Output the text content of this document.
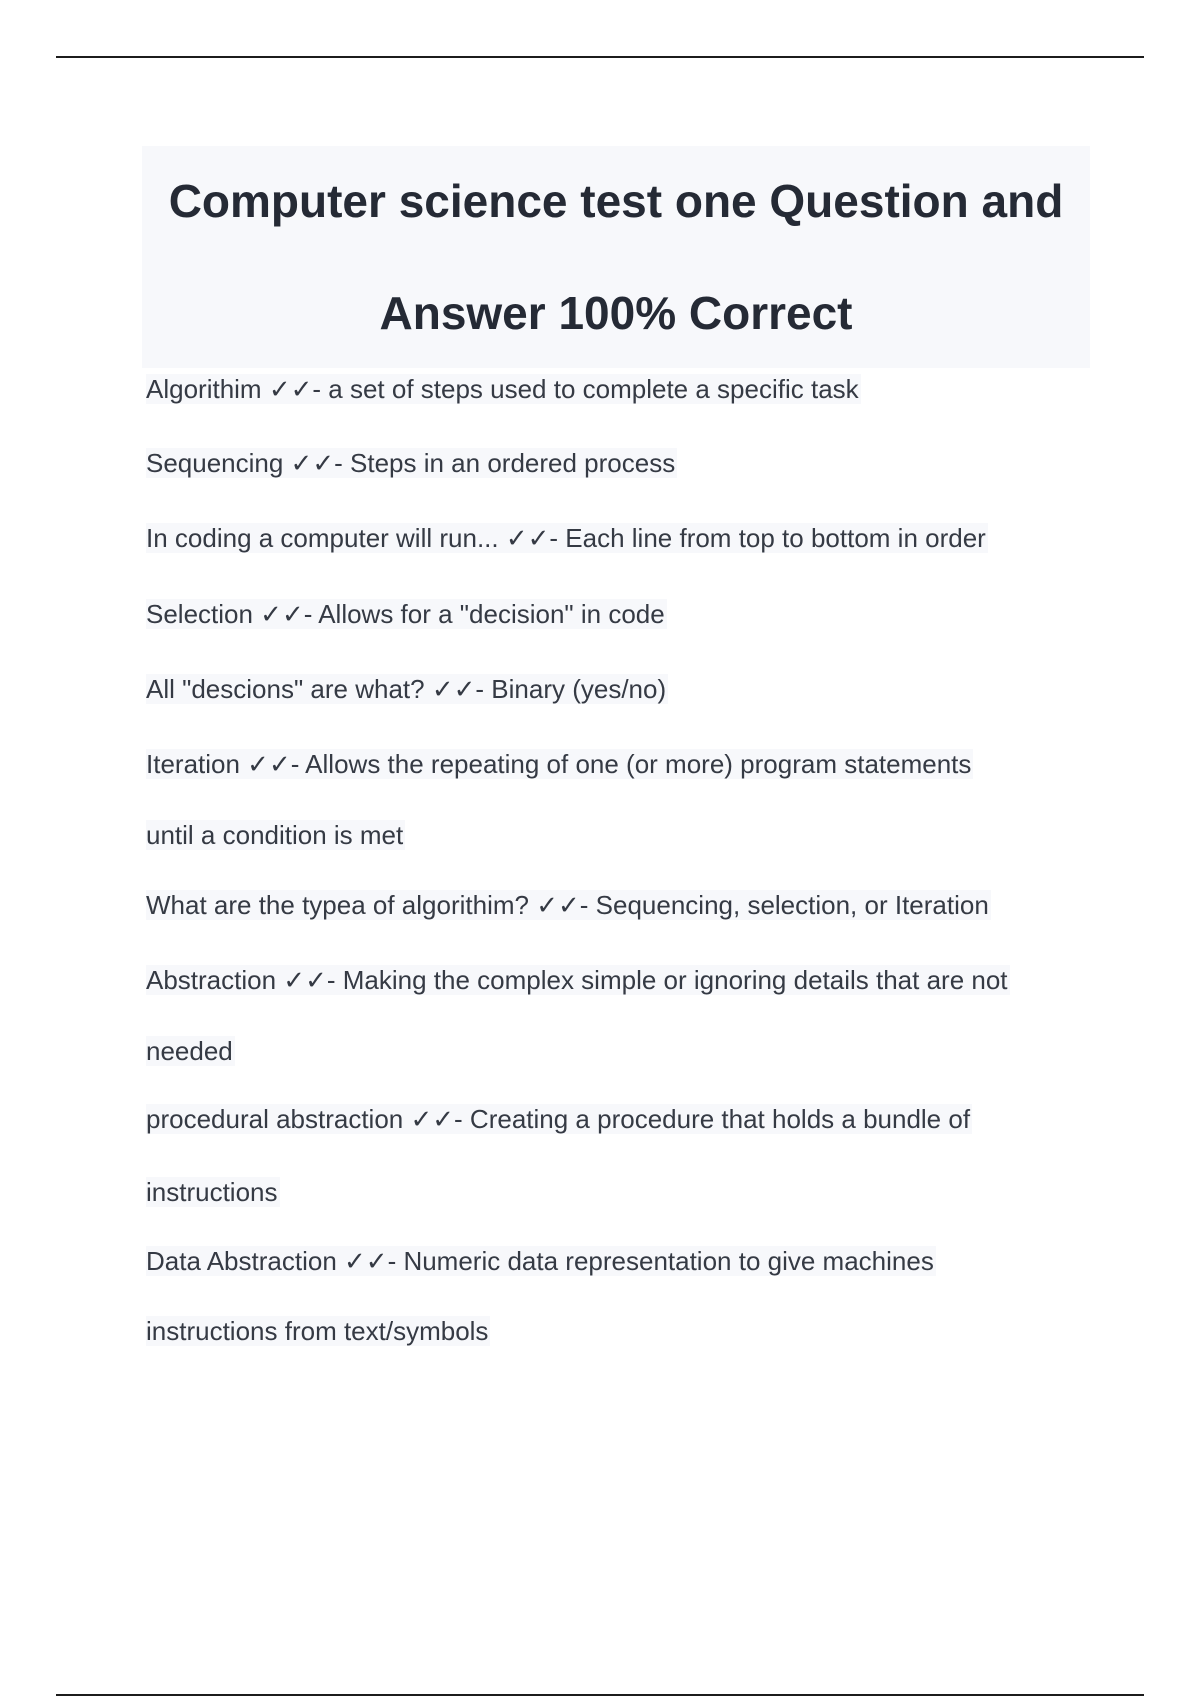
Computer science test one Question and
Answer 100% Correct
Algorithim ✓✓- a set of steps used to complete a specific task
Sequencing ✓✓- Steps in an ordered process
In coding a computer will run... ✓✓- Each line from top to bottom in order
Selection ✓✓- Allows for a "decision" in code
All "descions" are what? ✓✓- Binary (yes/no)
Iteration ✓✓- Allows the repeating of one (or more) program statements
until a condition is met
What are the typea of algorithim? ✓✓- Sequencing, selection, or Iteration
Abstraction ✓✓- Making the complex simple or ignoring details that are not
needed
procedural abstraction ✓✓- Creating a procedure that holds a bundle of
instructions
Data Abstraction ✓✓- Numeric data representation to give machines
instructions from text/symbols
